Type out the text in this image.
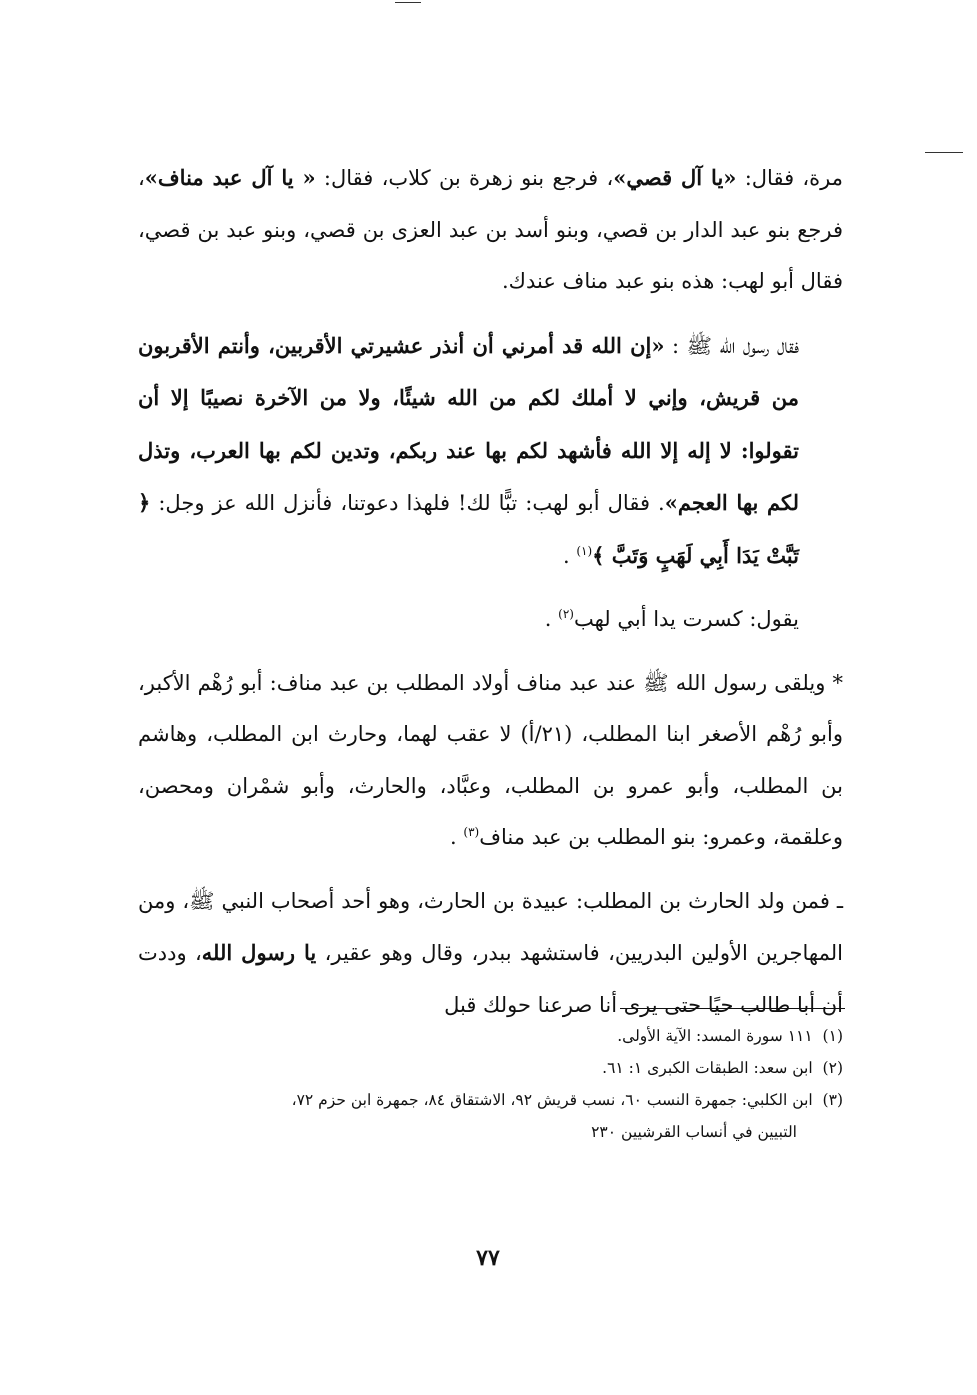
مرة، فقال: «يا آل قصي»، فرجع بنو زهرة بن كلاب، فقال: « يا آل عبد مناف»، فرجع بنو عبد الدار بن قصي، وبنو أسد بن عبد العزى بن قصي، وبنو عبد بن قصي، فقال أبو لهب: هذه بنو عبد مناف عندك.

فقال رسول الله ﷺ : «إن الله قد أمرني أن أنذر عشيرتي الأقربين، وأنتم الأقربون من قريش، وإني لا أملك لكم من الله شيئًا، ولا من الآخرة نصيبًا إلا أن تقولوا: لا إله إلا الله فأشهد لكم بها عند ربكم، وتدين لكم بها العرب، وتذل لكم بها العجم». فقال أبو لهب: تبًّا لك! فلهذا دعوتنا، فأنزل الله عز وجل: ﴿ تَبَّتْ يَدَا أَبِي لَهَبٍ وَتَبَّ ﴾$^{(١)}$ .

يقول: كسرت يدا أبي لهب$^{(٢)}$ .

* ويلقى رسول الله ﷺ عند عبد مناف أولاد المطلب بن عبد مناف: أبو رُهْم الأكبر، وأبو رُهْم الأصغر ابنا المطلب، (٢١/أ) لا عقب لهما، وحارث ابن المطلب، وهاشم بن المطلب، وأبو عمرو بن المطلب، وعبَّاد، والحارث، وأبو شمْران ومحصن، وعلقمة، وعمرو: بنو المطلب بن عبد مناف$^{(٣)}$ .

ـ فمن ولد الحارث بن المطلب: عبيدة بن الحارث، وهو أحد أصحاب النبي ﷺ، ومن المهاجرين الأولين البدريين، فاستشهد ببدر، وقال وهو عقير، يا رسول الله، وددت أن أبا طالب حيًا حتى يرى أنا صرعنا حولك قبل

(١)  ١١١ سورة المسد: الآية الأولى.

(٢)  ابن سعد: الطبقات الكبرى ١: ٦١.

(٣)  ابن الكلبي: جمهرة النسب ٦٠، نسب قريش ٩٢، الاشتقاق ٨٤، جمهرة ابن حزم ٧٢،

التبيين في أنساب القرشيين ٢٣٠

٧٧
